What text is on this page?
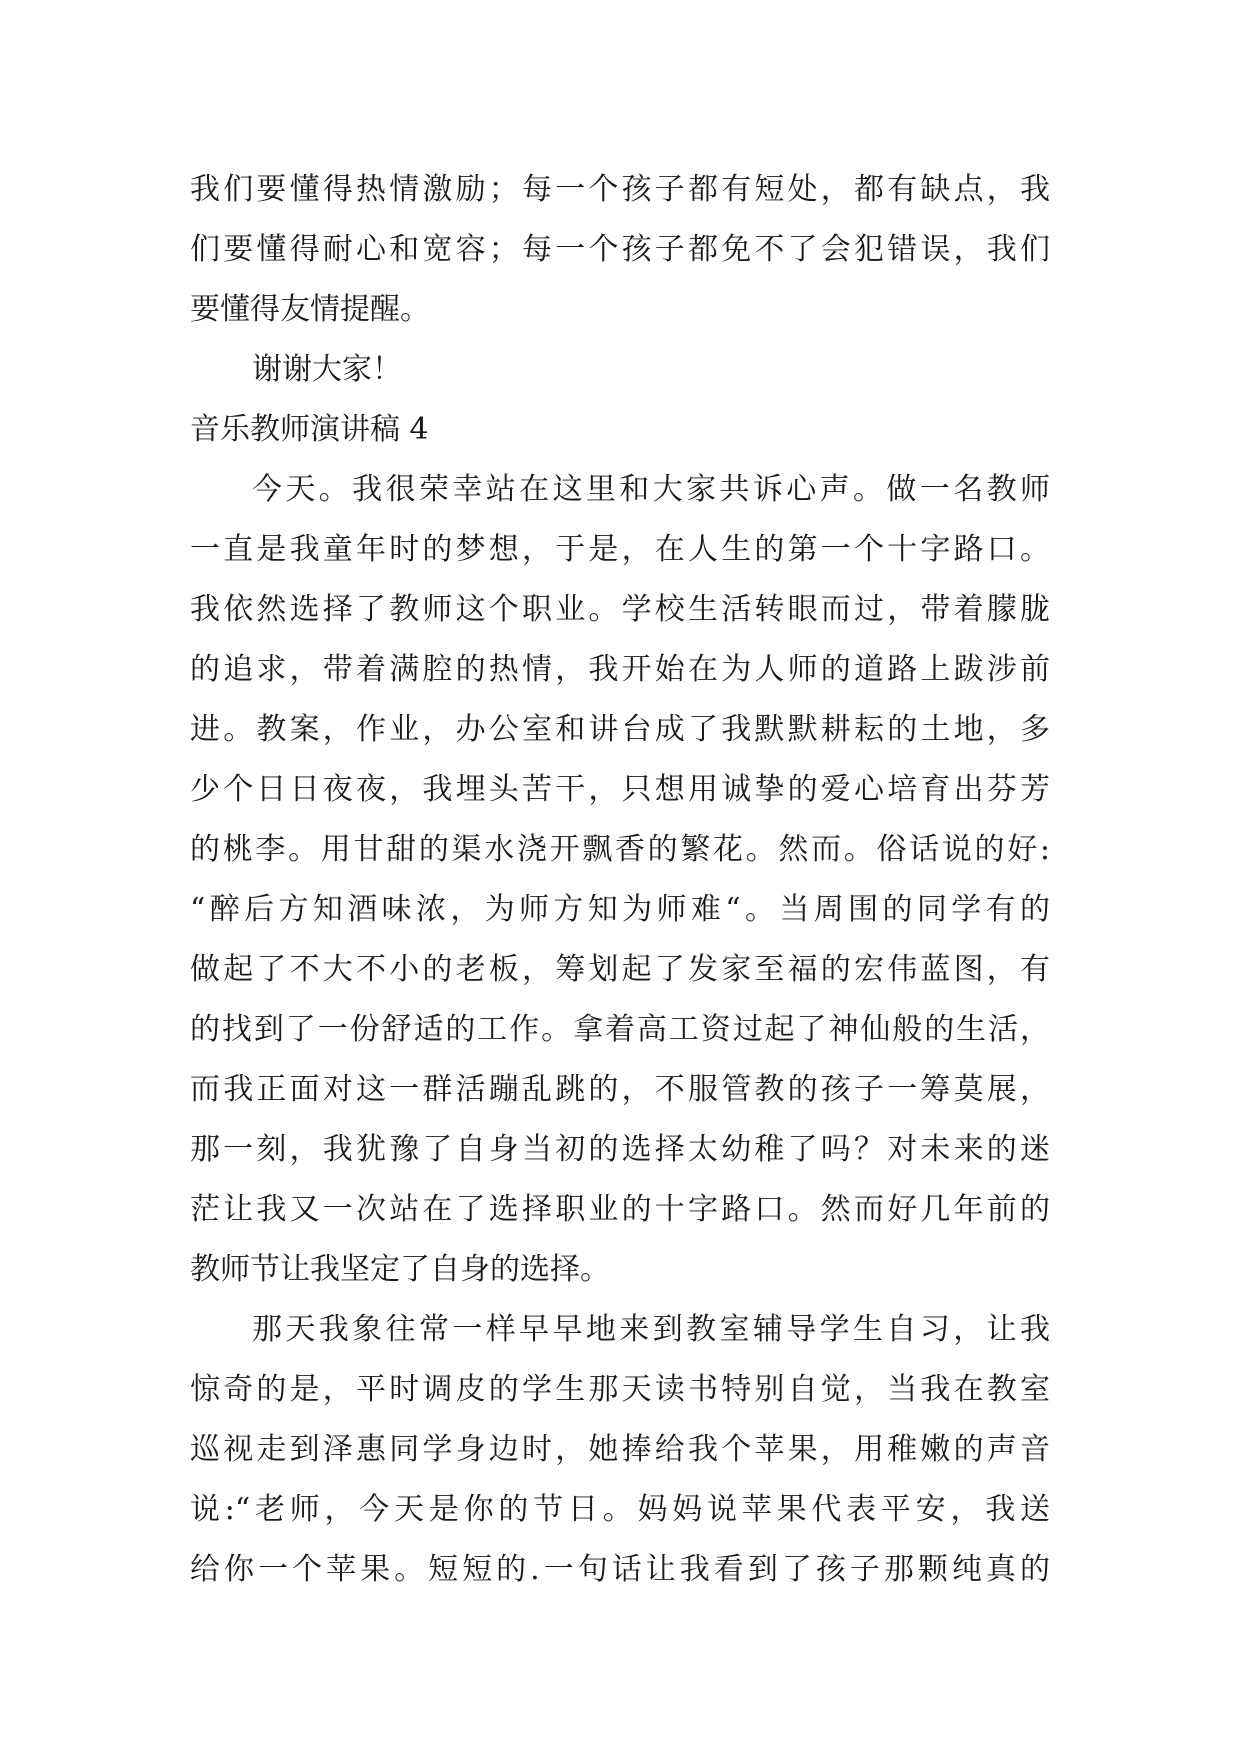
我们要懂得热情激励；每一个孩子都有短处，都有缺点，我
们要懂得耐心和宽容；每一个孩子都免不了会犯错误，我们
要懂得友情提醒。
谢谢大家！
音乐教师演讲稿 4
今天。我很荣幸站在这里和大家共诉心声。做一名教师
一直是我童年时的梦想，于是，在人生的第一个十字路口。
我依然选择了教师这个职业。学校生活转眼而过，带着朦胧
的追求，带着满腔的热情，我开始在为人师的道路上跋涉前
进。教案，作业，办公室和讲台成了我默默耕耘的土地，多
少个日日夜夜，我埋头苦干，只想用诚挚的爱心培育出芬芳
的桃李。用甘甜的渠水浇开飘香的繁花。然而。俗话说的好:
“醉后方知酒味浓，为师方知为师难“。当周围的同学有的
做起了不大不小的老板，筹划起了发家至福的宏伟蓝图，有
的找到了一份舒适的工作。拿着高工资过起了神仙般的生活，
而我正面对这一群活蹦乱跳的，不服管教的孩子一筹莫展，
那一刻，我犹豫了自身当初的选择太幼稚了吗？对未来的迷
茫让我又一次站在了选择职业的十字路口。然而好几年前的
教师节让我坚定了自身的选择。
那天我象往常一样早早地来到教室辅导学生自习，让我
惊奇的是，平时调皮的学生那天读书特别自觉，当我在教室
巡视走到泽惠同学身边时，她捧给我个苹果，用稚嫩的声音
说:“老师，今天是你的节日。妈妈说苹果代表平安，我送
给你一个苹果。短短的.一句话让我看到了孩子那颗纯真的
